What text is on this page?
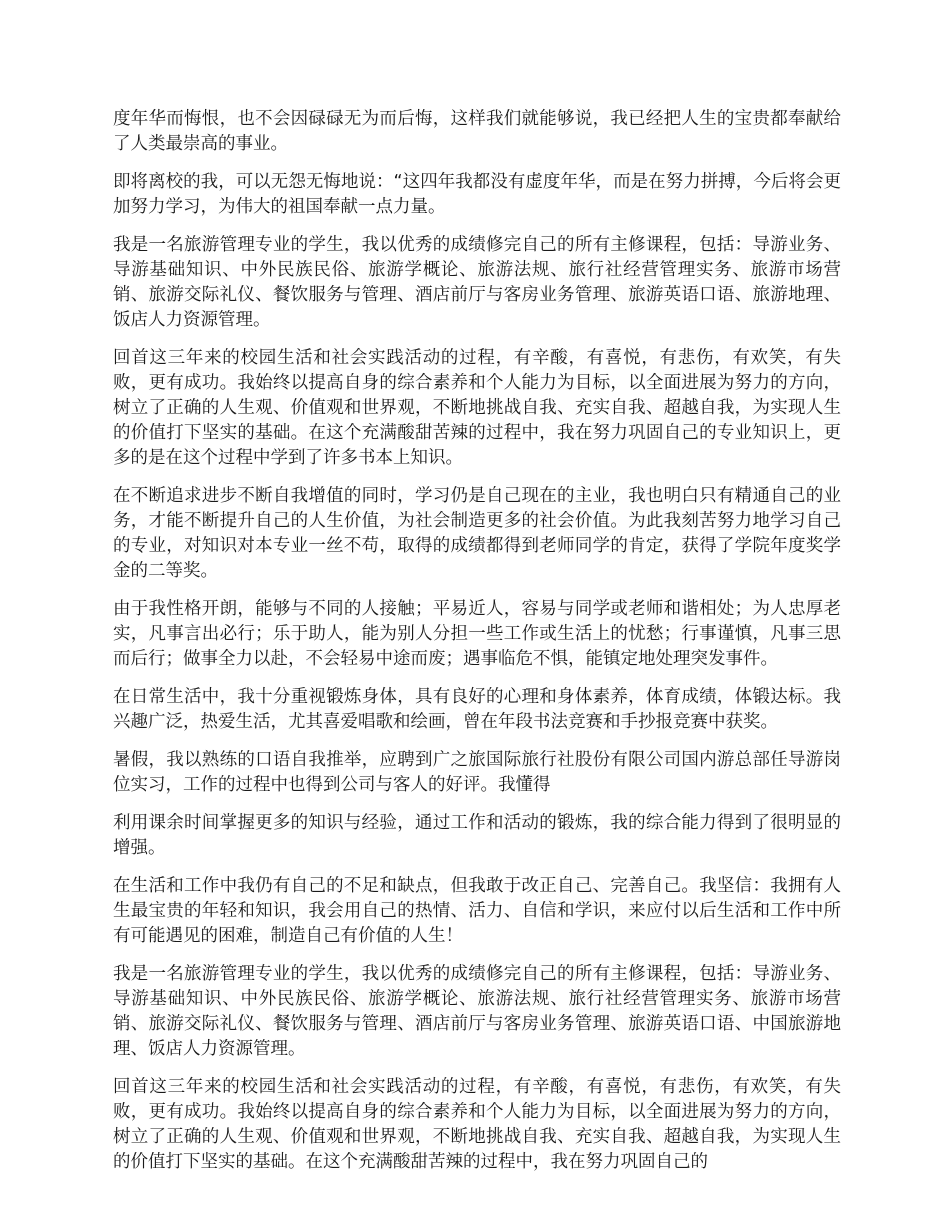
度年华而悔恨，也不会因碌碌无为而后悔，这样我们就能够说，我已经把人生的宝贵都奉献给了人类最崇高的事业。

即将离校的我，可以无怨无悔地说：“这四年我都没有虚度年华，而是在努力拼搏，今后将会更加努力学习，为伟大的祖国奉献一点力量。

我是一名旅游管理专业的学生，我以优秀的成绩修完自己的所有主修课程，包括：导游业务、导游基础知识、中外民族民俗、旅游学概论、旅游法规、旅行社经营管理实务、旅游市场营销、旅游交际礼仪、餐饮服务与管理、酒店前厅与客房业务管理、旅游英语口语、旅游地理、饭店人力资源管理。

回首这三年来的校园生活和社会实践活动的过程，有辛酸，有喜悦，有悲伤，有欢笑，有失败，更有成功。我始终以提高自身的综合素养和个人能力为目标，以全面进展为努力的方向，树立了正确的人生观、价值观和世界观，不断地挑战自我、充实自我、超越自我，为实现人生的价值打下坚实的基础。在这个充满酸甜苦辣的过程中，我在努力巩固自己的专业知识上，更多的是在这个过程中学到了许多书本上知识。

在不断追求进步不断自我增值的同时，学习仍是自己现在的主业，我也明白只有精通自己的业务，才能不断提升自己的人生价值，为社会制造更多的社会价值。为此我刻苦努力地学习自己的专业，对知识对本专业一丝不苟，取得的成绩都得到老师同学的肯定，获得了学院年度奖学金的二等奖。

由于我性格开朗，能够与不同的人接触；平易近人，容易与同学或老师和谐相处；为人忠厚老实，凡事言出必行；乐于助人，能为别人分担一些工作或生活上的忧愁；行事谨慎，凡事三思而后行；做事全力以赴，不会轻易中途而废；遇事临危不惧，能镇定地处理突发事件。

在日常生活中，我十分重视锻炼身体，具有良好的心理和身体素养，体育成绩，体锻达标。我兴趣广泛，热爱生活，尤其喜爱唱歌和绘画，曾在年段书法竞赛和手抄报竞赛中获奖。

暑假，我以熟练的口语自我推举，应聘到广之旅国际旅行社股份有限公司国内游总部任导游岗位实习，工作的过程中也得到公司与客人的好评。我懂得

利用课余时间掌握更多的知识与经验，通过工作和活动的锻炼，我的综合能力得到了很明显的增强。

在生活和工作中我仍有自己的不足和缺点，但我敢于改正自己、完善自己。我坚信：我拥有人生最宝贵的年轻和知识，我会用自己的热情、活力、自信和学识，来应付以后生活和工作中所有可能遇见的困难，制造自己有价值的人生！

我是一名旅游管理专业的学生，我以优秀的成绩修完自己的所有主修课程，包括：导游业务、导游基础知识、中外民族民俗、旅游学概论、旅游法规、旅行社经营管理实务、旅游市场营销、旅游交际礼仪、餐饮服务与管理、酒店前厅与客房业务管理、旅游英语口语、中国旅游地理、饭店人力资源管理。

回首这三年来的校园生活和社会实践活动的过程，有辛酸，有喜悦，有悲伤，有欢笑，有失败，更有成功。我始终以提高自身的综合素养和个人能力为目标，以全面进展为努力的方向，树立了正确的人生观、价值观和世界观，不断地挑战自我、充实自我、超越自我，为实现人生的价值打下坚实的基础。在这个充满酸甜苦辣的过程中，我在努力巩固自己的
